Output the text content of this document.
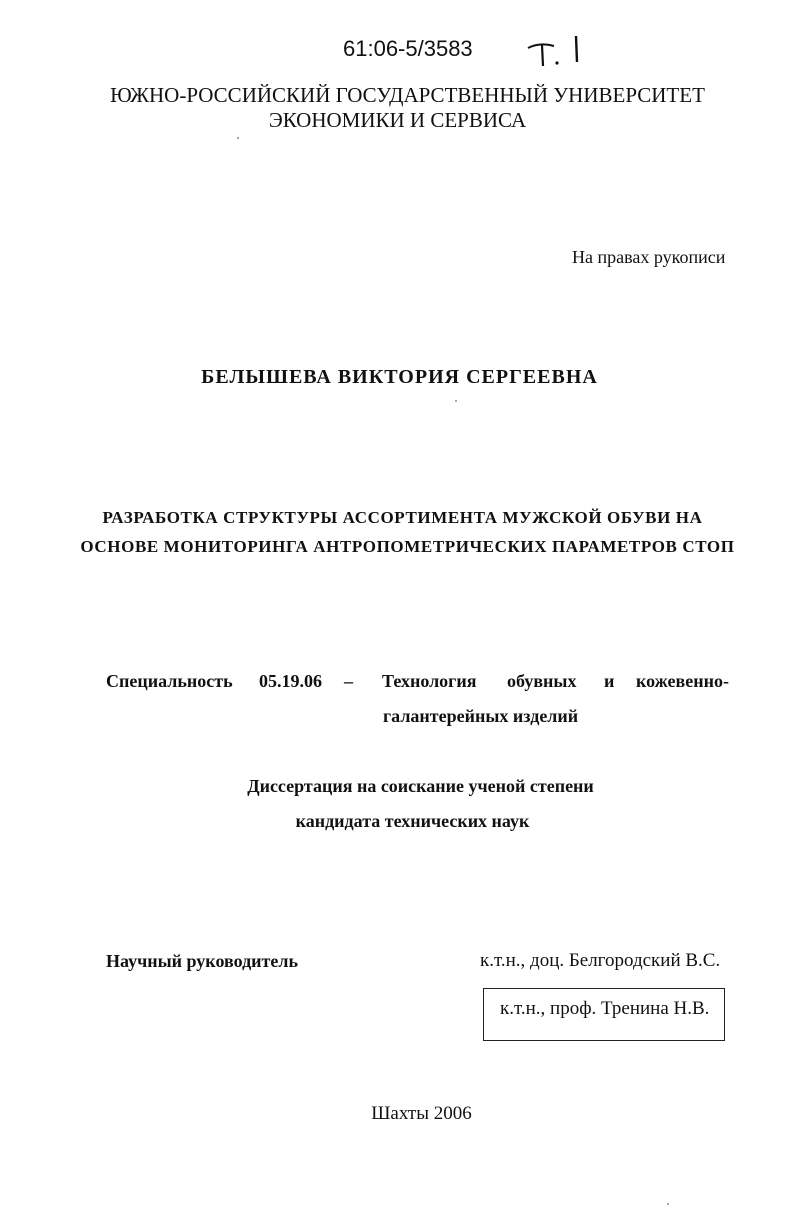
61:06-5/3583
ЮЖНО-РОССИЙСКИЙ ГОСУДАРСТВЕННЫЙ УНИВЕРСИТЕТ
ЭКОНОМИКИ И СЕРВИСА
На правах рукописи
БЕЛЫШЕВА ВИКТОРИЯ СЕРГЕЕВНА
РАЗРАБОТКА СТРУКТУРЫ АССОРТИМЕНТА МУЖСКОЙ ОБУВИ НА
ОСНОВЕ МОНИТОРИНГА АНТРОПОМЕТРИЧЕСКИХ ПАРАМЕТРОВ СТОП
Специальность 05.19.06 – Технология обувных и кожевенно-
галантерейных изделий
Диссертация на соискание ученой степени
кандидата технических наук
Научный руководитель	к.т.н., доц. Белгородский В.С.
к.т.н., проф. Тренина Н.В.
Шахты 2006
